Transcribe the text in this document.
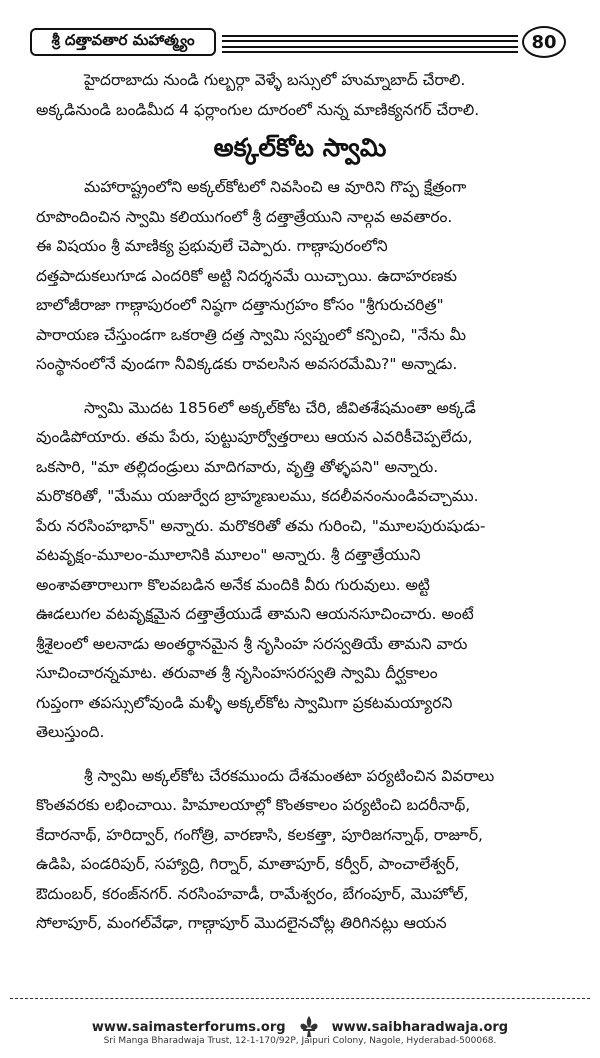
శ్రీ దత్తావతార మహాత్మ్యం	80
హైదరాబాదు నుండి గుల్బర్గా వెళ్ళే బస్సులో హుమ్నాబాద్ చేరాలి.
అక్కడినుండి బండిమీద 4 ఫర్లాంగుల దూరంలో నున్న మాణిక్యనగర్ చేరాలి.
అక్కల్‌కోట స్వామి
మహారాష్ట్రంలోని అక్కల్‌కోటలో నివసించి ఆ వూరిని గొప్ప క్షేత్రంగా
రూపొందించిన స్వామి కలియుగంలో శ్రీ దత్తాత్రేయుని నాల్గవ అవతారం.
ఈ విషయం శ్రీ మాణిక్య ప్రభువులే చెప్పారు. గాణ్గాపురంలోని
దత్తపాదుకలుగూడ ఎందరికో అట్టి నిదర్శనమే యిచ్చాయి. ఉదాహరణకు
బాలోజీరాజా గాణ్గాపురంలో నిష్ఠగా దత్తానుగ్రహం కోసం "శ్రీగురుచరిత్ర"
పారాయణ చేస్తుండగా ఒకరాత్రి దత్త స్వామి స్వప్నంలో కన్పించి, "నేను మీ
సంస్థానంలోనే వుండగా నీవిక్కడకు రావలసిన అవసరమేమి?" అన్నాడు.
స్వామి మొదట 1856లో అక్కల్‌కోట చేరి, జీవితశేషమంతా అక్కడే
వుండిపోయారు. తమ పేరు, పుట్టుపూర్వోత్తరాలు ఆయన ఎవరికీచెప్పలేదు,
ఒకసారి, "మా తల్లిదండ్రులు మాదిగవారు, వృత్తి తోళ్ళపని" అన్నారు.
మరొకరితో, "మేము యజుర్వేద బ్రాహ్మణులము, కదలీవనంనుండివచ్చాము.
పేరు నరసింహభాన్" అన్నారు. మరొకరితో తమ గురించి, "మూలపురుషుడు-
వటవృక్షం-మూలం-మూలానికి మూలం" అన్నారు. శ్రీ దత్తాత్రేయుని
అంశావతారాలుగా కొలవబడిన అనేక మందికి వీరు గురువులు. అట్టి
ఊడలుగల వటవృక్షమైన దత్తాత్రేయుడే తామని ఆయనసూచించారు. అంటే
శ్రీశైలంలో అలనాడు అంతర్థానమైన శ్రీ నృసింహ సరస్వతియే తామని వారు
సూచించారన్నమాట. తరువాత శ్రీ నృసింహసరస్వతి స్వామి దీర్ఘకాలం
గుప్తంగా తపస్సులోవుండి మళ్ళీ అక్కల్‌కోట స్వామిగా ప్రకటమయ్యారని
తెలుస్తుంది.
శ్రీ స్వామి అక్కల్‌కోట చేరకముందు దేశమంతటా పర్యటించిన వివరాలు
కొంతవరకు లభించాయి. హిమాలయాల్లో కొంతకాలం పర్యటించి బదరీనాథ్,
కేదారనాథ్, హరిద్వార్, గంగోత్రి, వారణాసి, కలకత్తా, పూరిజగన్నాథ్, రాజూర్,
ఉడిపి, పండరిపుర్, సహ్యాద్రి, గిర్నార్, మాతాపూర్, కర్వీర్, పాంచాలేశ్వర్,
ఔదుంబర్, కరంజ్‌నగర్. నరసింహవాడీ, రామేశ్వరం, బేగంపూర్, మొహోల్,
సోలాపూర్, మంగల్‌వేఢా, గాణ్గాపూర్ మొదలైనచోట్ల తిరిగినట్లు ఆయన
www.saimasterforums.org	www.saibharadwaja.org
Sri Manga Bharadwaja Trust, 12-1-170/92P, Jaipuri Colony, Nagole, Hyderabad-500068.
